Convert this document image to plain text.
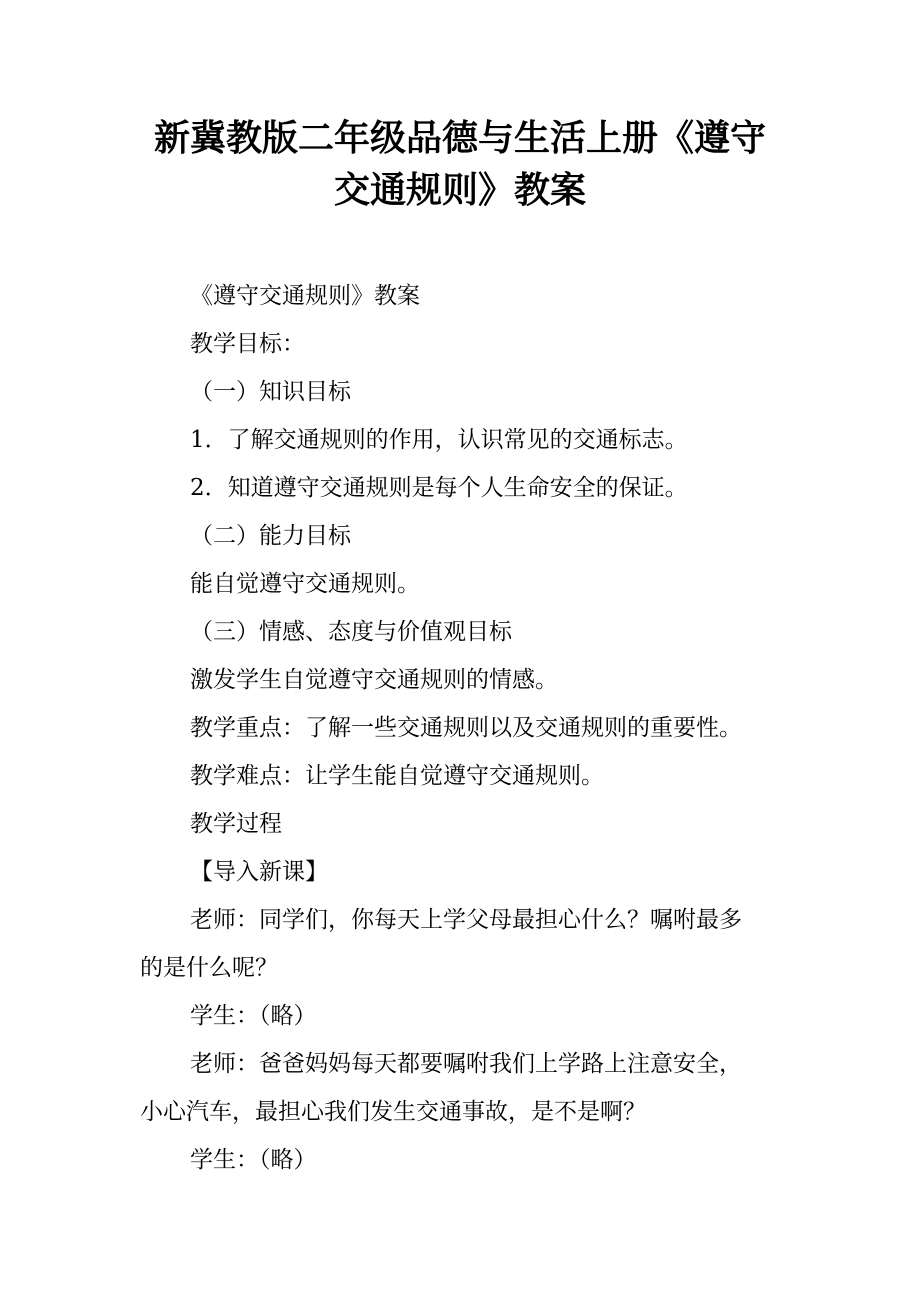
新冀教版二年级品德与生活上册《遵守
交通规则》教案

《遵守交通规则》教案

教学目标：

（一）知识目标

1．了解交通规则的作用，认识常见的交通标志。

2．知道遵守交通规则是每个人生命安全的保证。

（二）能力目标

能自觉遵守交通规则。

（三）情感、态度与价值观目标

激发学生自觉遵守交通规则的情感。

教学重点：了解一些交通规则以及交通规则的重要性。

教学难点：让学生能自觉遵守交通规则。

教学过程

【导入新课】

老师：同学们，你每天上学父母最担心什么？嘱咐最多

的是什么呢？

学生：（略）

老师：爸爸妈妈每天都要嘱咐我们上学路上注意安全，

小心汽车，最担心我们发生交通事故，是不是啊？

学生：（略）
